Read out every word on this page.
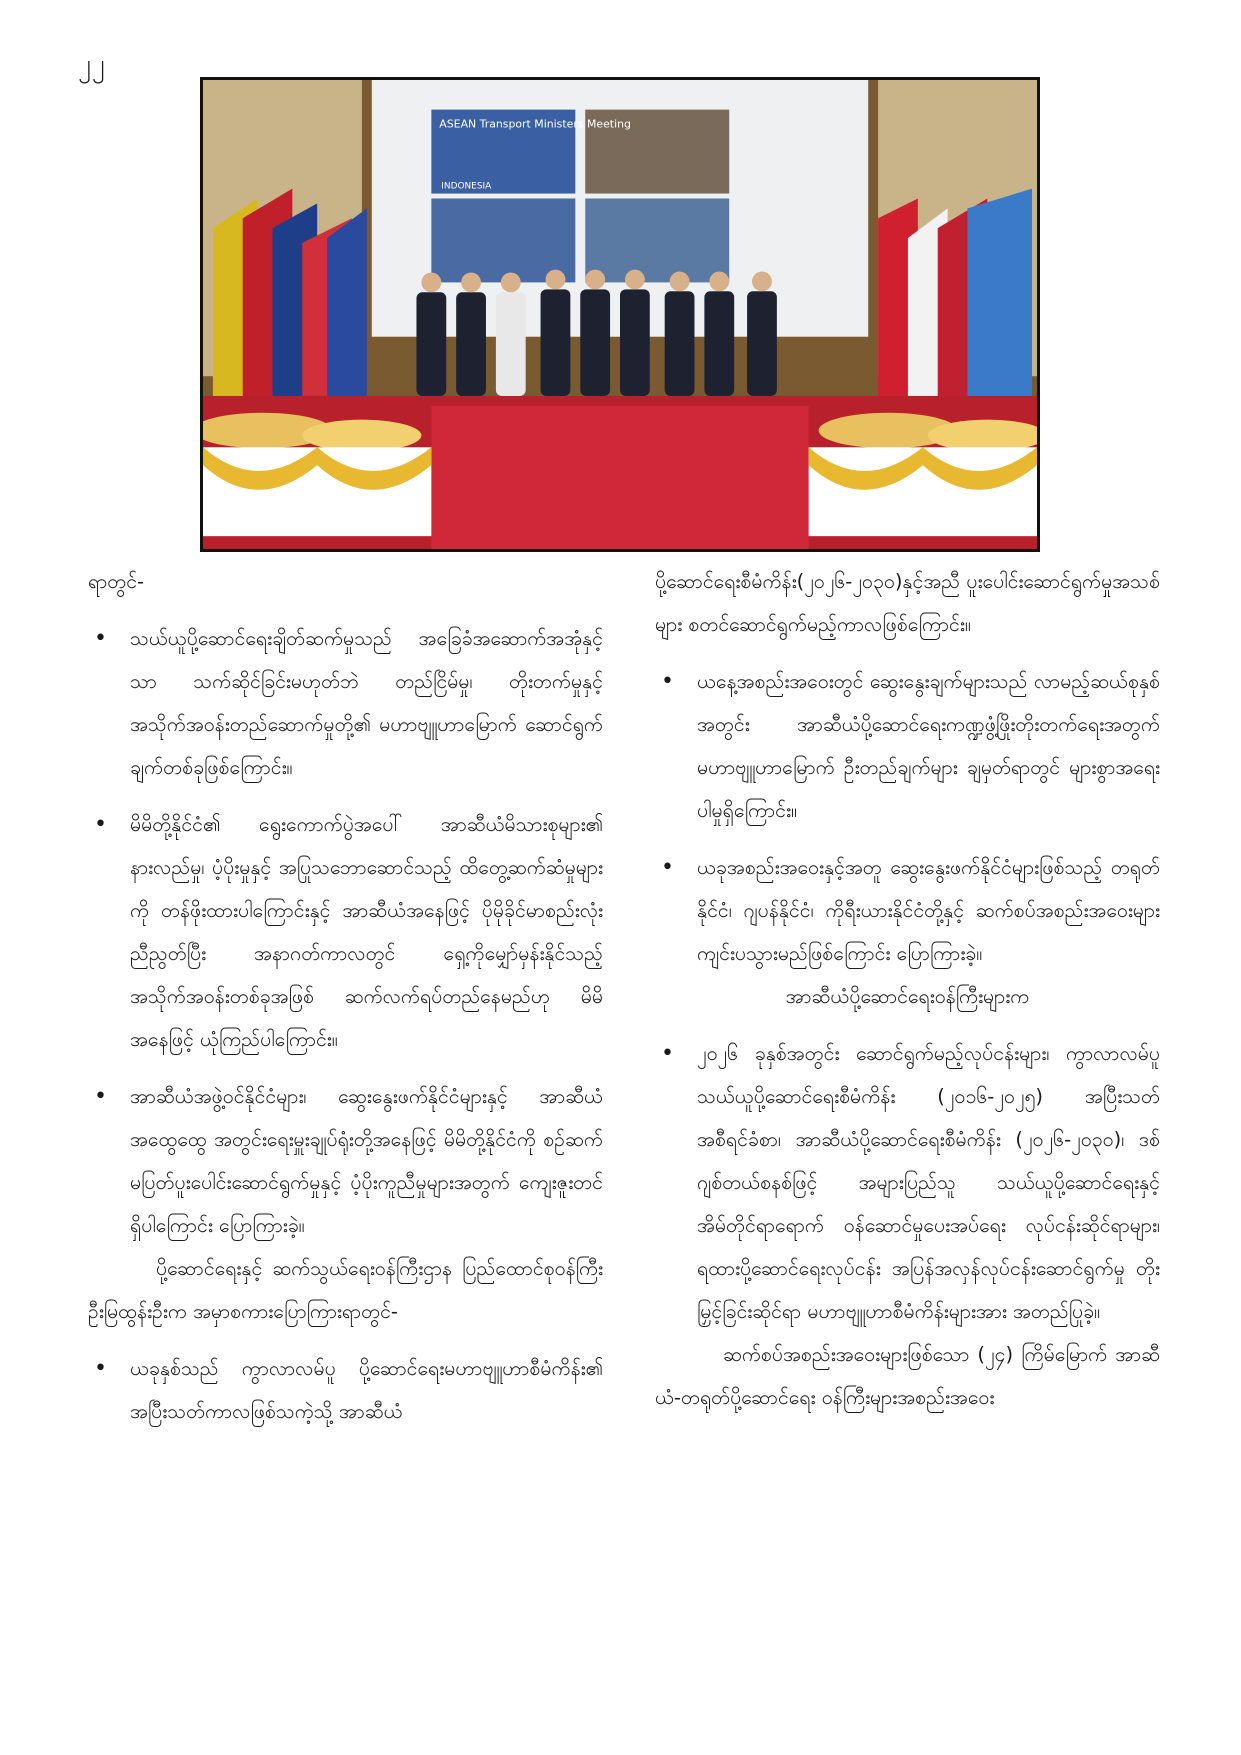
၂၂
ASEAN Transport Ministers Meeting
INDONESIA

ရာတွင်-

• သယ်ယူပို့ဆောင်ရေးချိတ်ဆက်မှုသည် အခြေခံအဆောက်အအုံနှင့်သာ သက်ဆိုင်ခြင်းမဟုတ်ဘဲ တည်ငြိမ်မှု၊ တိုးတက်မှုနှင့် အသိုက်အဝန်းတည်ဆောက်မှုတို့၏ မဟာဗျူဟာမြောက် ဆောင်ရွက်ချက်တစ်ခုဖြစ်ကြောင်း။
• မိမိတို့နိုင်ငံ၏ ရွေးကောက်ပွဲအပေါ် အာဆီယံမိသားစုများ၏ နားလည်မှု၊ ပံ့ပိုးမှုနှင့် အပြုသဘောဆောင်သည့် ထိတွေ့ဆက်ဆံမှုများကို တန်ဖိုးထားပါကြောင်းနှင့် အာဆီယံအနေဖြင့် ပိုမိုခိုင်မာစည်းလုံးညီညွတ်ပြီး အနာဂတ်ကာလတွင် ရှေ့ကိုမျှော်မှန်းနိုင်သည့် အသိုက်အဝန်းတစ်ခုအဖြစ် ဆက်လက်ရပ်တည်နေမည်ဟု မိမိအနေဖြင့် ယုံကြည်ပါကြောင်း။
• အာဆီယံအဖွဲ့ဝင်နိုင်ငံများ၊ ဆွေးနွေးဖက်နိုင်ငံများနှင့် အာဆီယံအထွေထွေ အတွင်းရေးမှူးချုပ်ရုံးတို့အနေဖြင့် မိမိတို့နိုင်ငံကို စဉ်ဆက်မပြတ်ပူးပေါင်းဆောင်ရွက်မှုနှင့် ပံ့ပိုးကူညီမှုများအတွက် ကျေးဇူးတင်ရှိပါကြောင်း ပြောကြားခဲ့။

ပို့ဆောင်ရေးနှင့် ဆက်သွယ်ရေးဝန်ကြီးဌာန ပြည်ထောင်စုဝန်ကြီး ဦးမြထွန်းဦးက အမှာစကားပြောကြားရာတွင်-

• ယခုနှစ်သည် ကွာလာလမ်ပူ ပို့ဆောင်ရေးမဟာဗျူဟာစီမံကိန်း၏ အပြီးသတ်ကာလဖြစ်သကဲ့သို့ အာဆီယံ

ပို့ဆောင်ရေးစီမံကိန်း(၂၀၂၆-၂၀၃၀)နှင့်အညီ ပူးပေါင်းဆောင်ရွက်မှုအသစ်များ စတင်ဆောင်ရွက်မည့်ကာလဖြစ်ကြောင်း။

• ယနေ့အစည်းအဝေးတွင် ဆွေးနွေးချက်များသည် လာမည့်ဆယ်စုနှစ်အတွင်း အာဆီယံပို့ဆောင်ရေးကဏ္ဍဖွံ့ဖြိုးတိုးတက်ရေးအတွက် မဟာဗျူဟာမြောက် ဦးတည်ချက်များ ချမှတ်ရာတွင် များစွာအရေးပါမှုရှိကြောင်း။
• ယခုအစည်းအဝေးနှင့်အတူ ဆွေးနွေးဖက်နိုင်ငံများဖြစ်သည့် တရုတ်နိုင်ငံ၊ ဂျပန်နိုင်ငံ၊ ကိုရီးယားနိုင်ငံတို့နှင့် ဆက်စပ်အစည်းအဝေးများ ကျင်းပသွားမည်ဖြစ်ကြောင်း ပြောကြားခဲ့။

အာဆီယံပို့ဆောင်ရေးဝန်ကြီးများက

• ၂၀၂၆ ခုနှစ်အတွင်း ဆောင်ရွက်မည့်လုပ်ငန်းများ၊ ကွာလာလမ်ပူ သယ်ယူပို့ဆောင်ရေးစီမံကိန်း (၂၀၁၆-၂၀၂၅) အပြီးသတ်အစီရင်ခံစာ၊ အာဆီယံပို့ဆောင်ရေးစီမံကိန်း (၂၀၂၆-၂၀၃၀)၊ ဒစ်ဂျစ်တယ်စနစ်ဖြင့် အများပြည်သူ သယ်ယူပို့ဆောင်ရေးနှင့် အိမ်တိုင်ရာရောက် ဝန်ဆောင်မှုပေးအပ်ရေး လုပ်ငန်းဆိုင်ရာများ၊ ရထားပို့ဆောင်ရေးလုပ်ငန်း အပြန်အလှန်လုပ်ငန်းဆောင်ရွက်မှု တိုးမြှင့်ခြင်းဆိုင်ရာ မဟာဗျူဟာစီမံကိန်းများအား အတည်ပြုခဲ့။

ဆက်စပ်အစည်းအဝေးများဖြစ်သော (၂၄) ကြိမ်မြောက် အာဆီယံ-တရုတ်ပို့ဆောင်ရေး ဝန်ကြီးများအစည်းအဝေး
